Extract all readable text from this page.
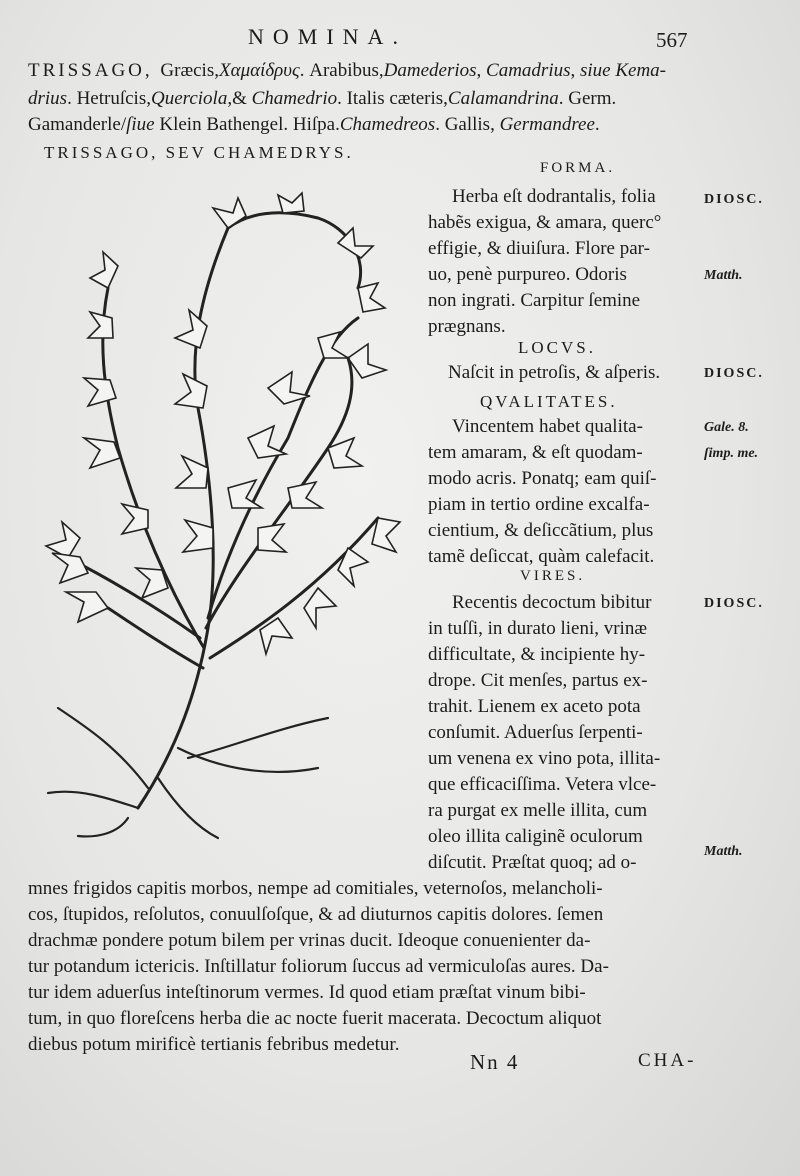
NOMINA.	567
TRISSAGO, Græcis,Χαμαίδρυς. Arabibus,Damederios, Camadrius, siue Kema-
drius. Hetruſcis,Querciola,& Chamedrio. Italis cæteris,Calamandrina. Germ.
Gamanderle/ſiue Klein Bathengel. Hiſpa.Chamedreos. Gallis, Germandree.
TRISSAGO, SEV CHAMEDRYS.
FORMA.
Herba eſt dodrantalis, folia
habẽs exigua, & amara, querc°
effigie, & diuiſura. Flore par-
uo, penè purpureo. Odoris
non ingrati. Carpitur ſemine
prægnans.
LOCVS.
Naſcit in petroſis, & aſperis.
QVALITATES.
Vincentem habet qualita-
tem amaram, & eſt quodam-
modo acris. Ponatq; eam quiſ-
piam in tertio ordine excalfa-
cientium, & deſiccãtium, plus
tamẽ deſiccat, quàm calefacit.
VIRES.
Recentis decoctum bibitur
in tuſſi, in durato lieni, vrinæ
difficultate, & incipiente hy-
drope. Cit menſes, partus ex-
trahit. Lienem ex aceto pota
conſumit. Aduerſus ſerpenti-
um venena ex vino pota, illita-
que efficaciſſima. Vetera vlce-
ra purgat ex melle illita, cum
oleo illita caliginẽ oculorum
diſcutit. Præſtat quoq; ad o-
mnes frigidos capitis morbos, nempe ad comitiales, veternoſos, melancholi-
cos, ſtupidos, reſolutos, conuulſoſque, & ad diuturnos capitis dolores. ſemen
drachmæ pondere potum bilem per vrinas ducit. Ideoque conuenienter da-
tur potandum ictericis. Inſtillatur foliorum ſuccus ad vermiculoſas aures. Da-
tur idem aduerſus inteſtinorum vermes. Id quod etiam præſtat vinum bibi-
tum, in quo floreſcens herba die ac nocte fuerit macerata. Decoctum aliquot
diebus potum mirificè tertianis febribus medetur.
DIOSC.
Matth.
DIOSC.
Gale. 8.
ſimp. me.
DIOSC.
Matth.
Nn 4	CHA-
